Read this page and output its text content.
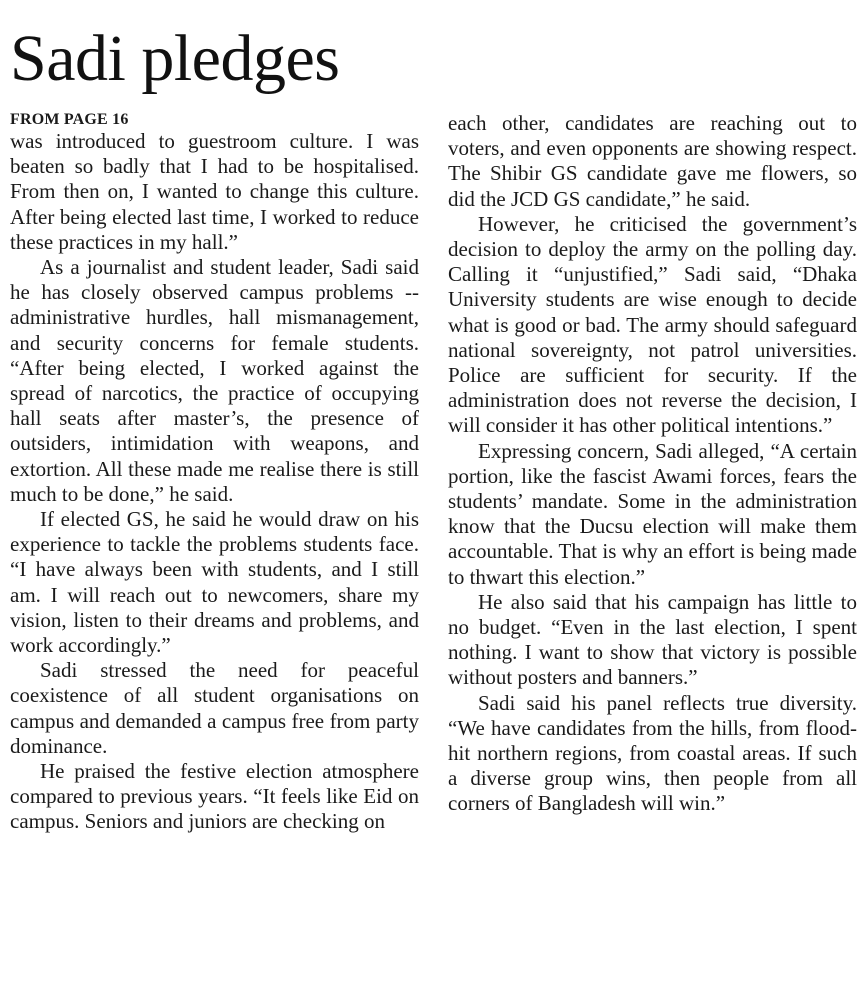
Sadi pledges
FROM PAGE 16

was introduced to guestroom culture. I was beaten so badly that I had to be hospitalised. From then on, I wanted to change this culture. After being elected last time, I worked to reduce these practices in my hall.”

As a journalist and student leader, Sadi said he has closely observed campus problems -- administrative hurdles, hall mismanagement, and security concerns for female students. “After being elected, I worked against the spread of narcotics, the practice of occupying hall seats after master’s, the presence of outsiders, intimidation with weapons, and extortion. All these made me realise there is still much to be done,” he said.

If elected GS, he said he would draw on his experience to tackle the problems students face. “I have always been with students, and I still am. I will reach out to newcomers, share my vision, listen to their dreams and problems, and work accordingly.”

Sadi stressed the need for peaceful coexistence of all student organisations on campus and demanded a campus free from party dominance.

He praised the festive election atmosphere compared to previous years. “It feels like Eid on campus. Seniors and juniors are checking on

each other, candidates are reaching out to voters, and even opponents are showing respect. The Shibir GS candidate gave me flowers, so did the JCD GS candidate,” he said.

However, he criticised the government’s decision to deploy the army on the polling day. Calling it “unjustified,” Sadi said, “Dhaka University students are wise enough to decide what is good or bad. The army should safeguard national sovereignty, not patrol universities. Police are sufficient for security. If the administration does not reverse the decision, I will consider it has other political intentions.”

Expressing concern, Sadi alleged, “A certain portion, like the fascist Awami forces, fears the students’ mandate. Some in the administration know that the Ducsu election will make them accountable. That is why an effort is being made to thwart this election.”

He also said that his campaign has little to no budget. “Even in the last election, I spent nothing. I want to show that victory is possible without posters and banners.”

Sadi said his panel reflects true diversity. “We have candidates from the hills, from flood-hit northern regions, from coastal areas. If such a diverse group wins, then people from all corners of Bangladesh will win.”
